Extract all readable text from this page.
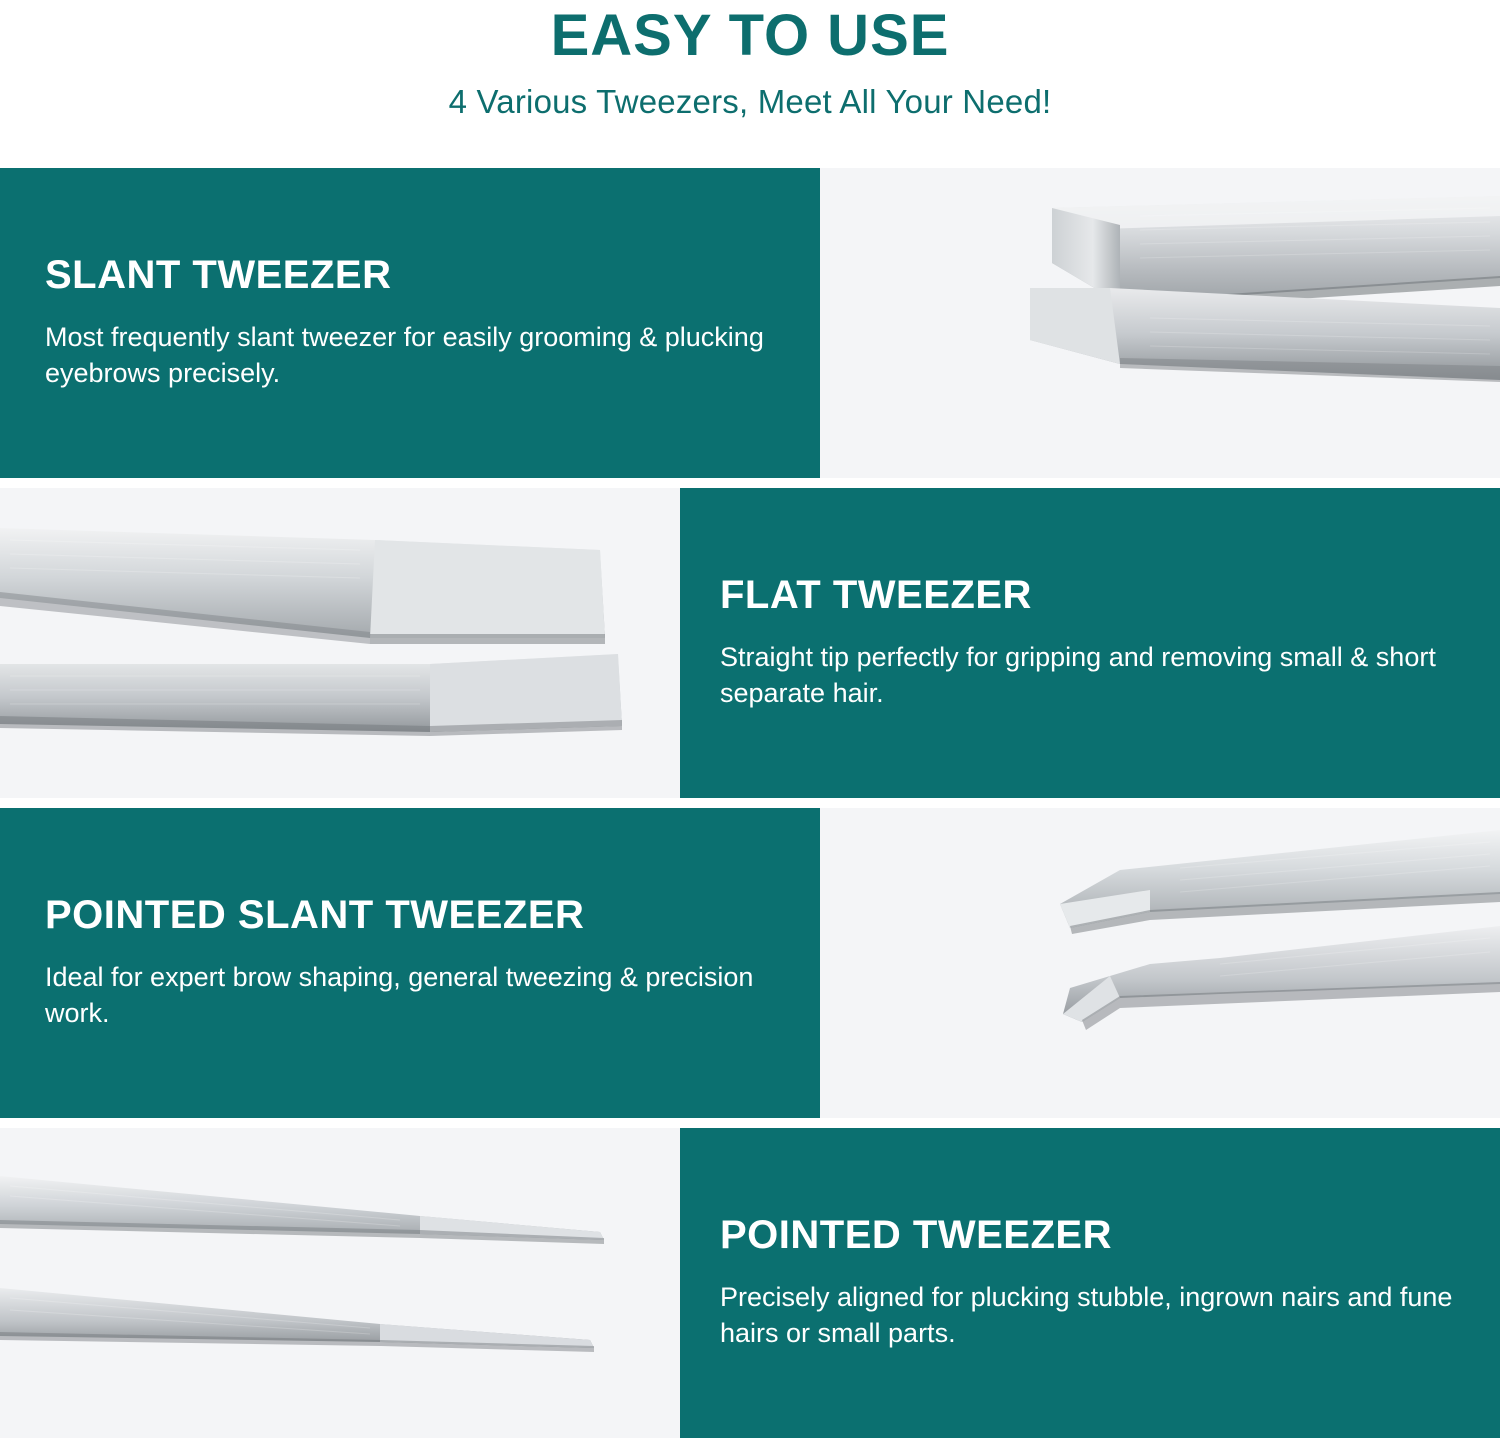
EASY TO USE

4 Various Tweezers, Meet All Your Need!

SLANT TWEEZER

Most frequently slant tweezer for easily grooming & plucking eyebrows precisely.

FLAT TWEEZER

Straight tip perfectly for gripping and removing small & short separate hair.

POINTED SLANT TWEEZER

Ideal for expert brow shaping, general tweezing & precision work.

POINTED TWEEZER

Precisely aligned for plucking stubble, ingrown nairs and fune hairs or small parts.
